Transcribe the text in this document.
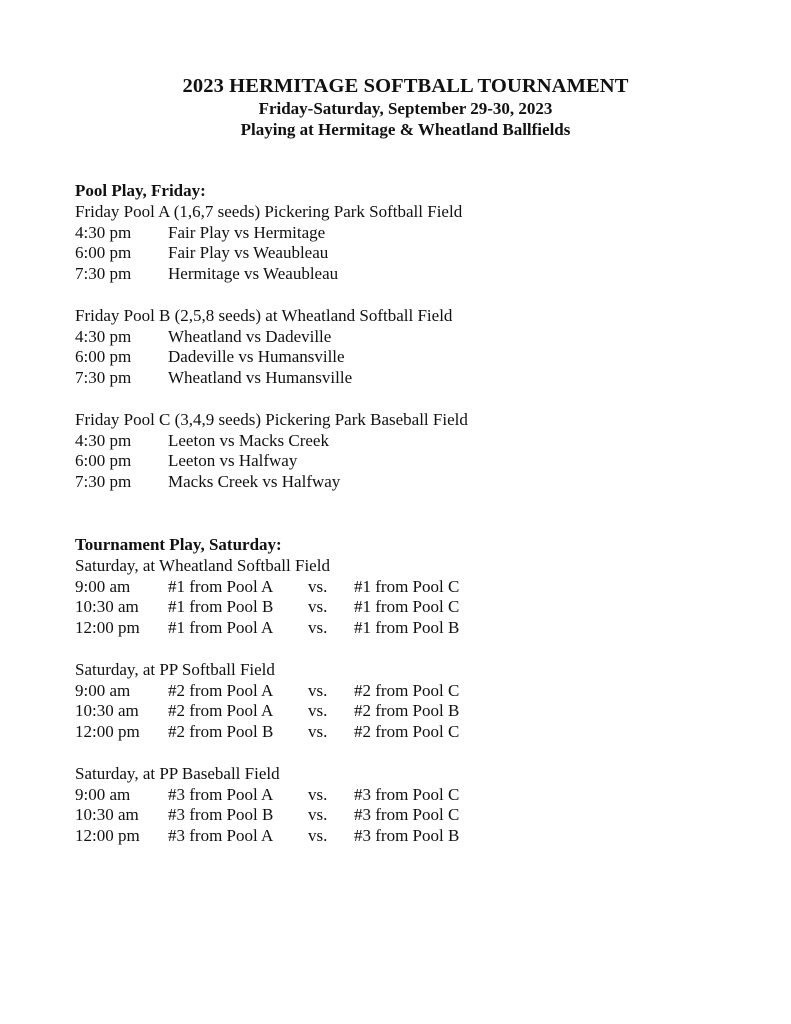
2023 HERMITAGE SOFTBALL TOURNAMENT
Friday-Saturday, September 29-30, 2023
Playing at Hermitage & Wheatland Ballfields
Pool Play, Friday:
Friday Pool A (1,6,7 seeds) Pickering Park Softball Field
4:30 pm	Fair Play vs Hermitage
6:00 pm	Fair Play vs Weaubleau
7:30 pm	Hermitage vs Weaubleau
Friday Pool B (2,5,8 seeds) at Wheatland Softball Field
4:30 pm	Wheatland vs Dadeville
6:00 pm	Dadeville vs Humansville
7:30 pm	Wheatland vs Humansville
Friday Pool C (3,4,9 seeds) Pickering Park Baseball Field
4:30 pm	Leeton vs Macks Creek
6:00 pm	Leeton vs Halfway
7:30 pm	Macks Creek vs Halfway
Tournament Play, Saturday:
Saturday, at Wheatland Softball Field
9:00 am	#1 from Pool A	vs.	#1 from Pool C
10:30 am	#1 from Pool B	vs.	#1 from Pool C
12:00 pm	#1 from Pool A	vs.	#1 from Pool B
Saturday, at PP Softball Field
9:00 am	#2 from Pool A	vs.	#2 from Pool C
10:30 am	#2 from Pool A	vs.	#2 from Pool B
12:00 pm	#2 from Pool B	vs.	#2 from Pool C
Saturday, at PP Baseball Field
9:00 am	#3 from Pool A	vs.	#3 from Pool C
10:30 am	#3 from Pool B	vs.	#3 from Pool C
12:00 pm	#3 from Pool A	vs.	#3 from Pool B
